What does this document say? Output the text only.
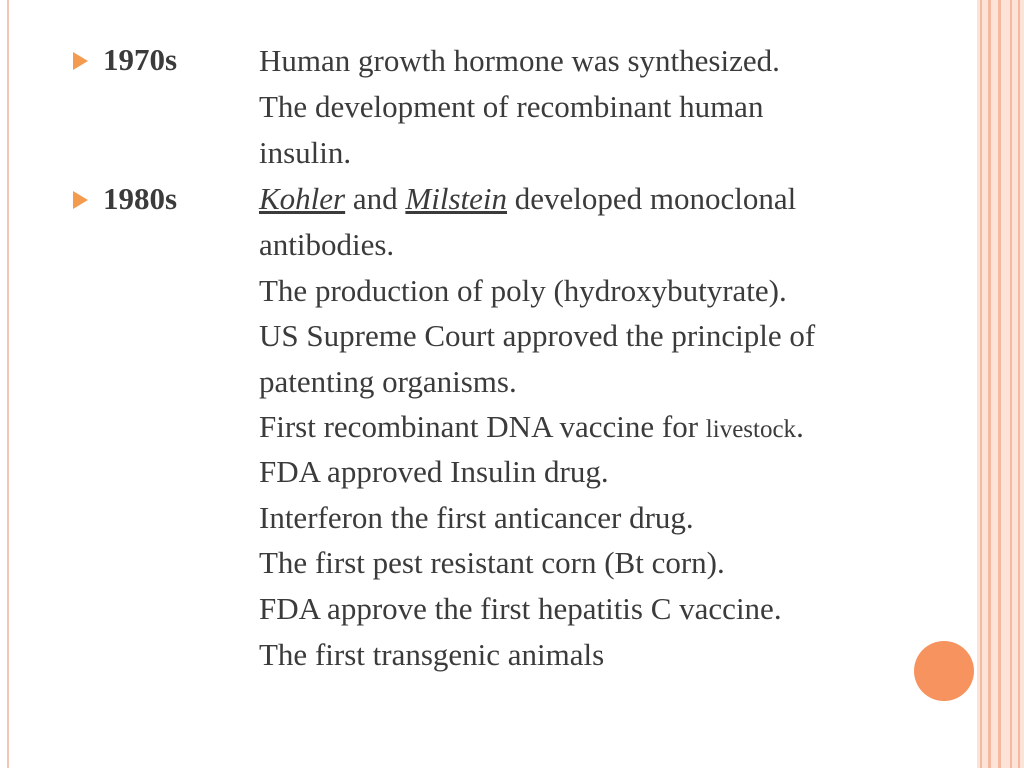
1970s	Human growth hormone was synthesized.
The development of recombinant human
insulin.
1980s	Kohler and Milstein developed monoclonal
antibodies.
The production of poly (hydroxybutyrate).
US Supreme Court approved the principle of
patenting organisms.
First recombinant DNA vaccine for livestock.
FDA approved Insulin drug.
Interferon the first anticancer drug.
The first pest resistant corn (Bt corn).
FDA approve the first hepatitis C vaccine.
The first transgenic animals
